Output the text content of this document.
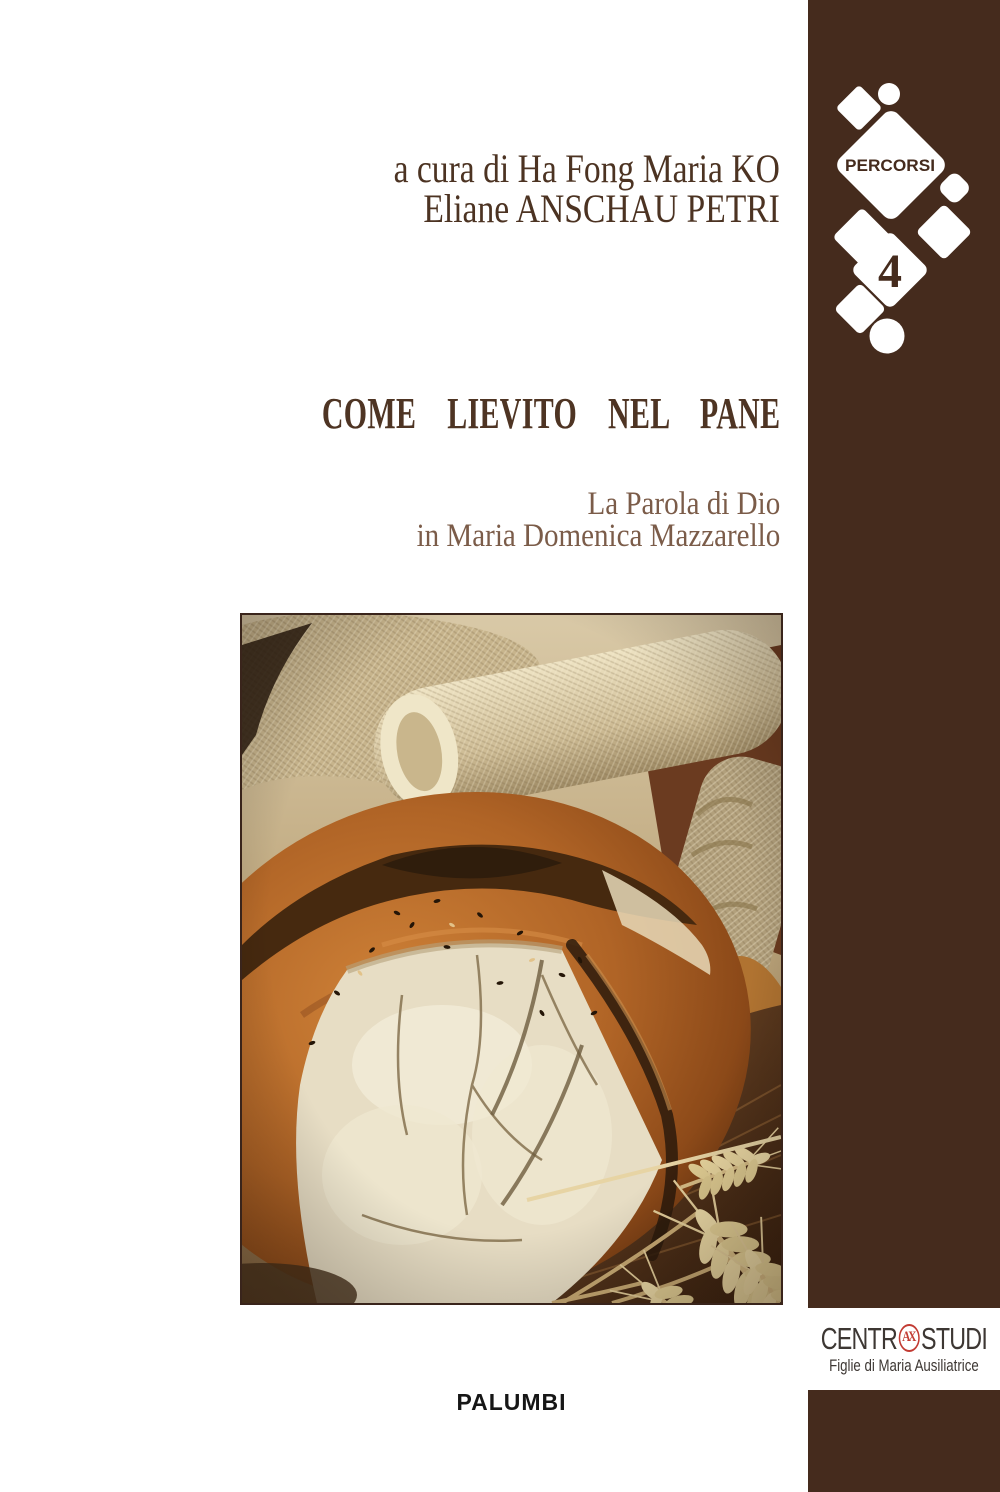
a cura di Ha Fong Maria KO
Eliane ANSCHAU PETRI
COME LIEVITO NEL PANE
La Parola di Dio
in Maria Domenica Mazzarello
PALUMBI
PERCORSI
4
CENTR A
X STUDI
Figlie di Maria Ausiliatrice
